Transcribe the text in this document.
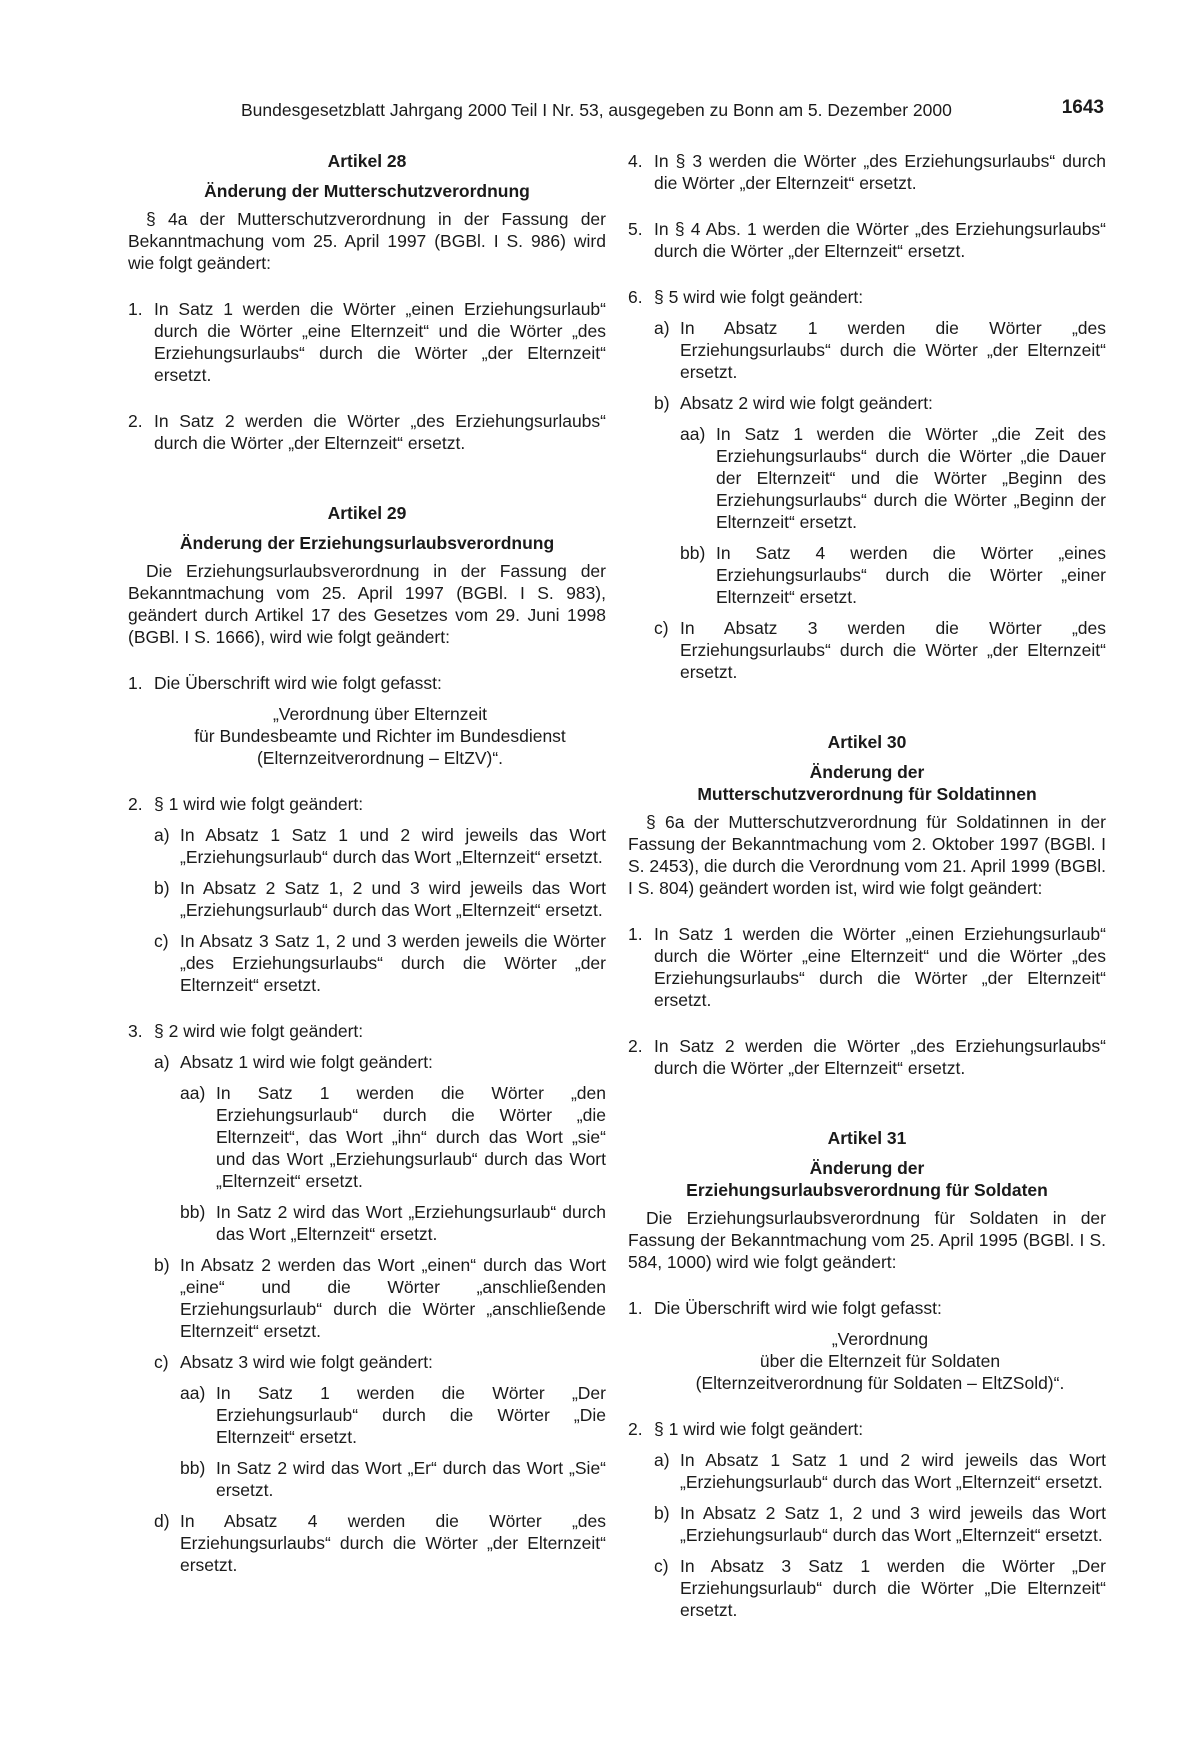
Bundesgesetzblatt Jahrgang 2000 Teil I Nr. 53, ausgegeben zu Bonn am 5. Dezember 2000	1643

Artikel 28

Änderung der Mutterschutzverordnung

§ 4a der Mutterschutzverordnung in der Fassung der Bekanntmachung vom 25. April 1997 (BGBl. I S. 986) wird wie folgt geändert:

1. In Satz 1 werden die Wörter „einen Erziehungsurlaub“ durch die Wörter „eine Elternzeit“ und die Wörter „des Erziehungsurlaubs“ durch die Wörter „der Elternzeit“ ersetzt.
2. In Satz 2 werden die Wörter „des Erziehungsurlaubs“ durch die Wörter „der Elternzeit“ ersetzt.

Artikel 29

Änderung der Erziehungsurlaubsverordnung

Die Erziehungsurlaubsverordnung in der Fassung der Bekanntmachung vom 25. April 1997 (BGBl. I S. 983), geändert durch Artikel 17 des Gesetzes vom 29. Juni 1998 (BGBl. I S. 1666), wird wie folgt geändert:

1. Die Überschrift wird wie folgt gefasst:

„Verordnung über Elternzeit

für Bundesbeamte und Richter im Bundesdienst

(Elternzeitverordnung – EltZV)“.

2. § 1 wird wie folgt geändert:
a) In Absatz 1 Satz 1 und 2 wird jeweils das Wort „Erziehungsurlaub“ durch das Wort „Elternzeit“ ersetzt.
b) In Absatz 2 Satz 1, 2 und 3 wird jeweils das Wort „Erziehungsurlaub“ durch das Wort „Elternzeit“ ersetzt.
c) In Absatz 3 Satz 1, 2 und 3 werden jeweils die Wörter „des Erziehungsurlaubs“ durch die Wörter „der Elternzeit“ ersetzt.
3. § 2 wird wie folgt geändert:
a) Absatz 1 wird wie folgt geändert:
aa) In Satz 1 werden die Wörter „den Erziehungsurlaub“ durch die Wörter „die Elternzeit“, das Wort „ihn“ durch das Wort „sie“ und das Wort „Erziehungsurlaub“ durch das Wort „Elternzeit“ ersetzt.
bb) In Satz 2 wird das Wort „Erziehungsurlaub“ durch das Wort „Elternzeit“ ersetzt.
b) In Absatz 2 werden das Wort „einen“ durch das Wort „eine“ und die Wörter „anschließenden Erziehungsurlaub“ durch die Wörter „anschließende Elternzeit“ ersetzt.
c) Absatz 3 wird wie folgt geändert:
aa) In Satz 1 werden die Wörter „Der Erziehungsurlaub“ durch die Wörter „Die Elternzeit“ ersetzt.
bb) In Satz 2 wird das Wort „Er“ durch das Wort „Sie“ ersetzt.
d) In Absatz 4 werden die Wörter „des Erziehungsurlaubs“ durch die Wörter „der Elternzeit“ ersetzt.
4. In § 3 werden die Wörter „des Erziehungsurlaubs“ durch die Wörter „der Elternzeit“ ersetzt.
5. In § 4 Abs. 1 werden die Wörter „des Erziehungsurlaubs“ durch die Wörter „der Elternzeit“ ersetzt.
6. § 5 wird wie folgt geändert:
a) In Absatz 1 werden die Wörter „des Erziehungsurlaubs“ durch die Wörter „der Elternzeit“ ersetzt.
b) Absatz 2 wird wie folgt geändert:
aa) In Satz 1 werden die Wörter „die Zeit des Erziehungsurlaubs“ durch die Wörter „die Dauer der Elternzeit“ und die Wörter „Beginn des Erziehungsurlaubs“ durch die Wörter „Beginn der Elternzeit“ ersetzt.
bb) In Satz 4 werden die Wörter „eines Erziehungsurlaubs“ durch die Wörter „einer Elternzeit“ ersetzt.
c) In Absatz 3 werden die Wörter „des Erziehungsurlaubs“ durch die Wörter „der Elternzeit“ ersetzt.

Artikel 30

Änderung der
Mutterschutzverordnung für Soldatinnen

§ 6a der Mutterschutzverordnung für Soldatinnen in der Fassung der Bekanntmachung vom 2. Oktober 1997 (BGBl. I S. 2453), die durch die Verordnung vom 21. April 1999 (BGBl. I S. 804) geändert worden ist, wird wie folgt geändert:

1. In Satz 1 werden die Wörter „einen Erziehungsurlaub“ durch die Wörter „eine Elternzeit“ und die Wörter „des Erziehungsurlaubs“ durch die Wörter „der Elternzeit“ ersetzt.
2. In Satz 2 werden die Wörter „des Erziehungsurlaubs“ durch die Wörter „der Elternzeit“ ersetzt.

Artikel 31

Änderung der
Erziehungsurlaubsverordnung für Soldaten

Die Erziehungsurlaubsverordnung für Soldaten in der Fassung der Bekanntmachung vom 25. April 1995 (BGBl. I S. 584, 1000) wird wie folgt geändert:

1. Die Überschrift wird wie folgt gefasst:

„Verordnung

über die Elternzeit für Soldaten

(Elternzeitverordnung für Soldaten – EltZSold)“.

2. § 1 wird wie folgt geändert:
a) In Absatz 1 Satz 1 und 2 wird jeweils das Wort „Erziehungsurlaub“ durch das Wort „Elternzeit“ ersetzt.
b) In Absatz 2 Satz 1, 2 und 3 wird jeweils das Wort „Erziehungsurlaub“ durch das Wort „Elternzeit“ ersetzt.
c) In Absatz 3 Satz 1 werden die Wörter „Der Erziehungsurlaub“ durch die Wörter „Die Elternzeit“ ersetzt.
